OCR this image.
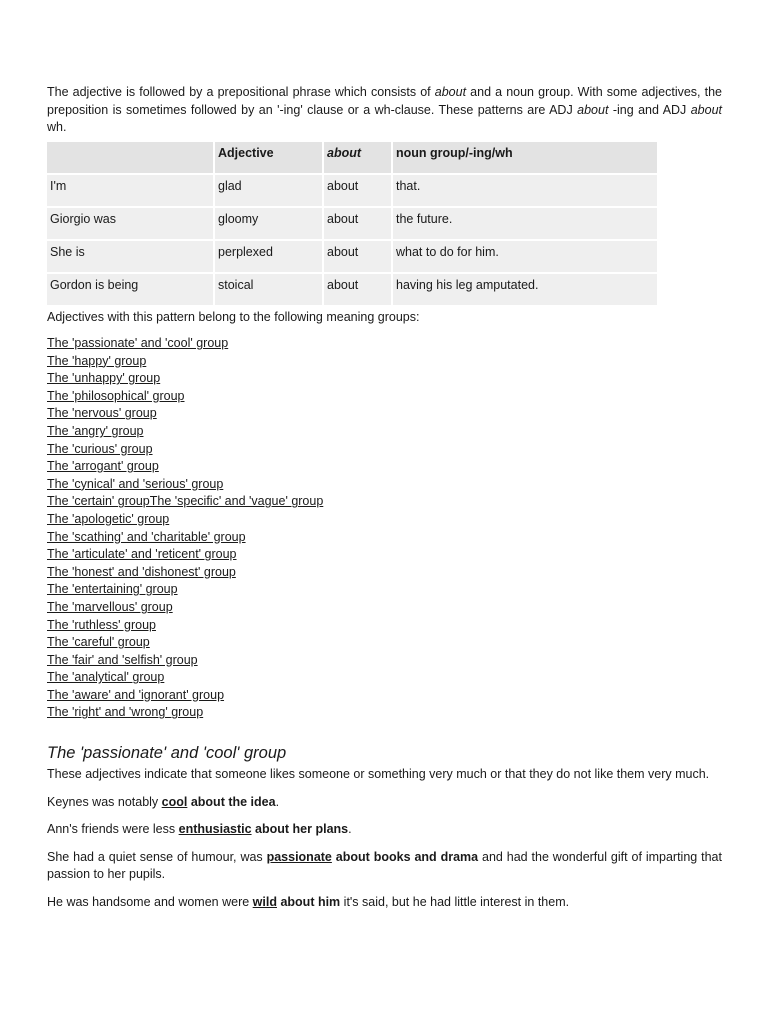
The adjective is followed by a prepositional phrase which consists of about and a noun group. With some adjectives, the preposition is sometimes followed by an '-ing' clause or a wh-clause. These patterns are ADJ about -ing and ADJ about wh.

	Adjective	about	noun group/-ing/wh
I'm	glad	about	that.
Giorgio was	gloomy	about	the future.
She is	perplexed	about	what to do for him.
Gordon is being	stoical	about	having his leg amputated.

Adjectives with this pattern belong to the following meaning groups:

The 'passionate' and 'cool' group
The 'happy' group
The 'unhappy' group
The 'philosophical' group
The 'nervous' group
The 'angry' group
The 'curious' group
The 'arrogant' group
The 'cynical' and 'serious' group
The 'certain' groupThe 'specific' and 'vague' group
The 'apologetic' group
The 'scathing' and 'charitable' group
The 'articulate' and 'reticent' group
The 'honest' and 'dishonest' group
The 'entertaining' group
The 'marvellous' group
The 'ruthless' group
The 'careful' group
The 'fair' and 'selfish' group
The 'analytical' group
The 'aware' and 'ignorant' group
The 'right' and 'wrong' group
The 'passionate' and 'cool' group

These adjectives indicate that someone likes someone or something very much or that they do not like them very much.

Keynes was notably cool about the idea.

Ann's friends were less enthusiastic about her plans.

She had a quiet sense of humour, was passionate about books and drama and had the wonderful gift of imparting that passion to her pupils.

He was handsome and women were wild about him it's said, but he had little interest in them.
